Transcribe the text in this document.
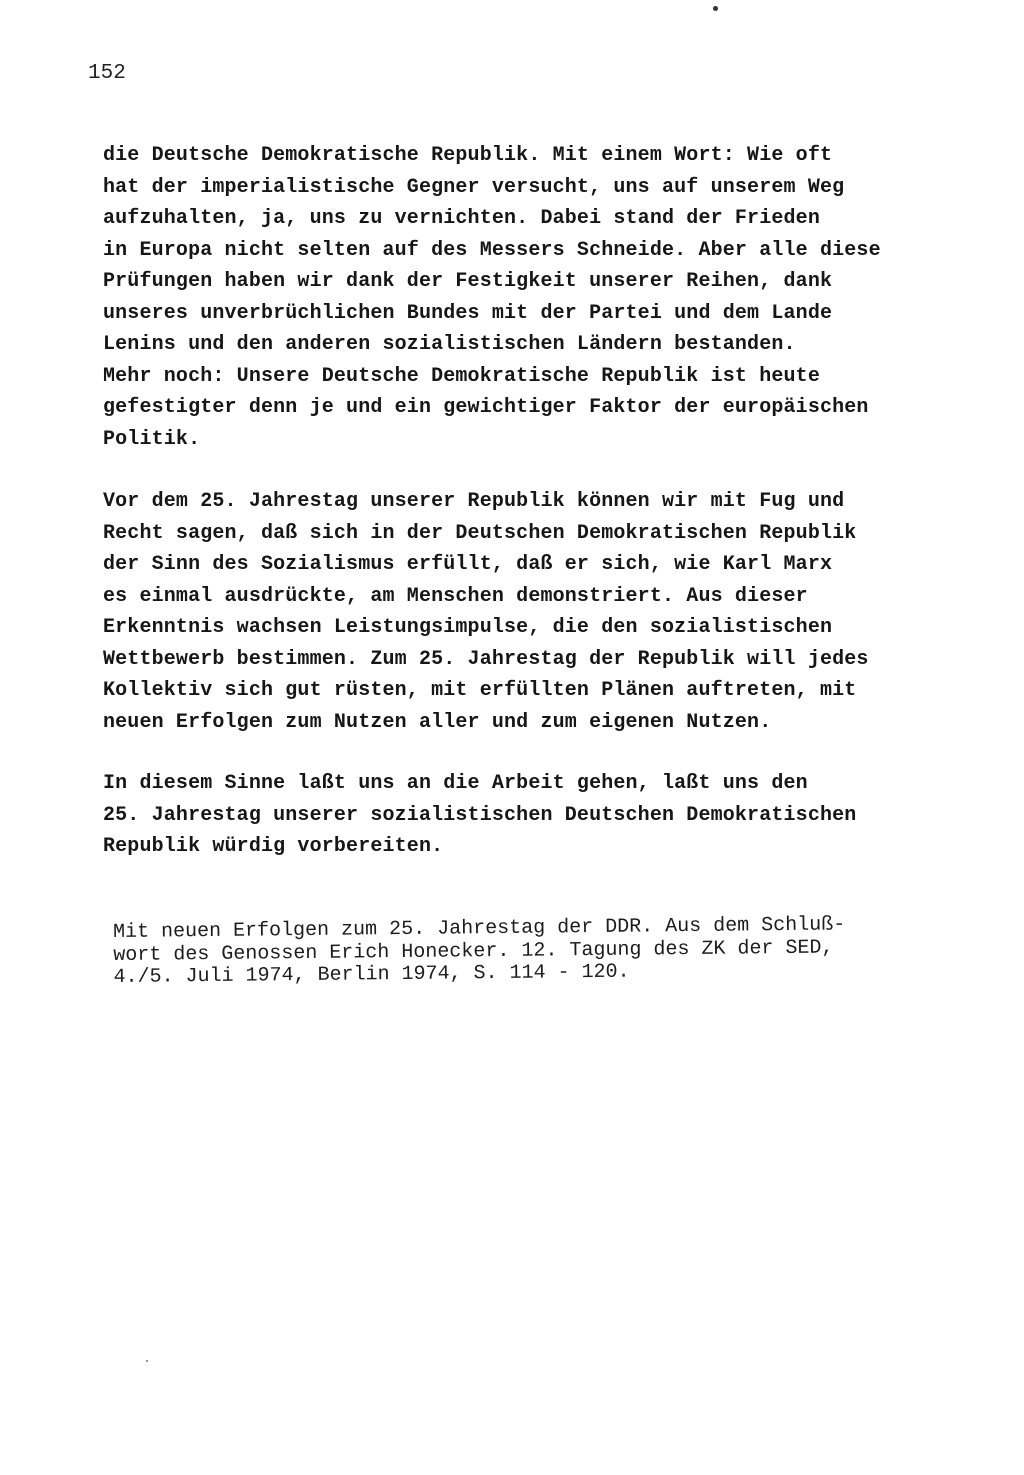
152
die Deutsche Demokratische Republik. Mit einem Wort: Wie oft
hat der imperialistische Gegner versucht, uns auf unserem Weg
aufzuhalten, ja, uns zu vernichten. Dabei stand der Frieden
in Europa nicht selten auf des Messers Schneide. Aber alle diese
Prüfungen haben wir dank der Festigkeit unserer Reihen, dank
unseres unverbrüchlichen Bundes mit der Partei und dem Lande
Lenins und den anderen sozialistischen Ländern bestanden.
Mehr noch: Unsere Deutsche Demokratische Republik ist heute
gefestigter denn je und ein gewichtiger Faktor der europäischen
Politik.
Vor dem 25. Jahrestag unserer Republik können wir mit Fug und
Recht sagen, daß sich in der Deutschen Demokratischen Republik
der Sinn des Sozialismus erfüllt, daß er sich, wie Karl Marx
es einmal ausdrückte, am Menschen demonstriert. Aus dieser
Erkenntnis wachsen Leistungsimpulse, die den sozialistischen
Wettbewerb bestimmen. Zum 25. Jahrestag der Republik will jedes
Kollektiv sich gut rüsten, mit erfüllten Plänen auftreten, mit
neuen Erfolgen zum Nutzen aller und zum eigenen Nutzen.
In diesem Sinne laßt uns an die Arbeit gehen, laßt uns den
25. Jahrestag unserer sozialistischen Deutschen Demokratischen
Republik würdig vorbereiten.
Mit neuen Erfolgen zum 25. Jahrestag der DDR. Aus dem Schluß-
wort des Genossen Erich Honecker. 12. Tagung des ZK der SED,
4./5. Juli 1974, Berlin 1974, S. 114 - 120.
